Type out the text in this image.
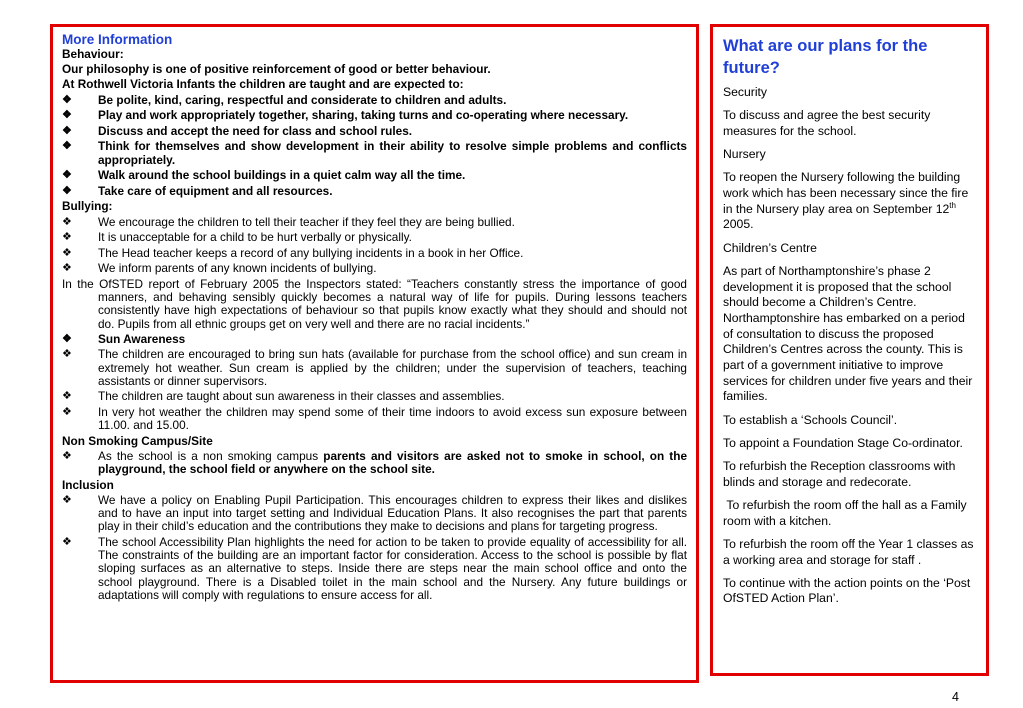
More Information
Behaviour:
Our philosophy is one of positive reinforcement of good or better behaviour.
At Rothwell Victoria Infants the children are taught and are expected to:
❖ Be polite, kind, caring, respectful and considerate to children and adults.
❖ Play and work appropriately together, sharing, taking turns and co-operating where necessary.
❖ Discuss and accept the need for class and school rules.
❖ Think for themselves and show development in their ability to resolve simple problems and conflicts appropriately.
❖ Walk around the school buildings in a quiet calm way all the time.
❖ Take care of equipment and all resources.
Bullying:
❖ We encourage the children to tell their teacher if they feel they are being bullied.
❖ It is unacceptable for a child to be hurt verbally or physically.
❖ The Head teacher keeps a record of any bullying incidents in a book in her Office.
❖ We inform parents of any known incidents of bullying.
In the OfSTED report of February 2005 the Inspectors stated: “Teachers constantly stress the importance of good manners, and behaving sensibly quickly becomes a natural way of life for pupils. During lessons teachers consistently have high expectations of behaviour so that pupils know exactly what they should and should not do. Pupils from all ethnic groups get on very well and there are no racial incidents.”
❖ Sun Awareness
❖ The children are encouraged to bring sun hats (available for purchase from the school office) and sun cream in extremely hot weather. Sun cream is applied by the children; under the supervision of teachers, teaching assistants or dinner supervisors.
❖ The children are taught about sun awareness in their classes and assemblies.
❖ In very hot weather the children may spend some of their time indoors to avoid excess sun exposure between 11.00. and 15.00.
Non Smoking Campus/Site
❖ As the school is a non smoking campus parents and visitors are asked not to smoke in school, on the playground, the school field or anywhere on the school site.
Inclusion
❖ We have a policy on Enabling Pupil Participation. This encourages children to express their likes and dislikes and to have an input into target setting and Individual Education Plans. It also recognises the part that parents play in their child’s education and the contributions they make to decisions and plans for targeting progress.
❖ The school Accessibility Plan highlights the need for action to be taken to provide equality of accessibility for all. The constraints of the building are an important factor for consideration. Access to the school is possible by flat sloping surfaces as an alternative to steps. Inside there are steps near the main school office and onto the school playground. There is a Disabled toilet in the main school and the Nursery. Any future buildings or adaptations will comply with regulations to ensure access for all.
What are our plans for the future?

Security

To discuss and agree the best security measures for the school.

Nursery

To reopen the Nursery following the building work which has been necessary since the fire in the Nursery play area on September 12th 2005.

Children’s Centre

As part of Northamptonshire’s phase 2 development it is proposed that the school should become a Children’s Centre. Northamptonshire has embarked on a period of consultation to discuss the proposed Children’s Centres across the county. This is part of a government initiative to improve services for children under five years and their families.

To establish a ‘Schools Council’.

To appoint a Foundation Stage Co-ordinator.

To refurbish the Reception classrooms with blinds and storage and redecorate.

To refurbish the room off the hall as a Family room with a kitchen.

To refurbish the room off the Year 1 classes as a working area and storage for staff .

To continue with the action points on the ‘Post OfSTED Action Plan’.

4
